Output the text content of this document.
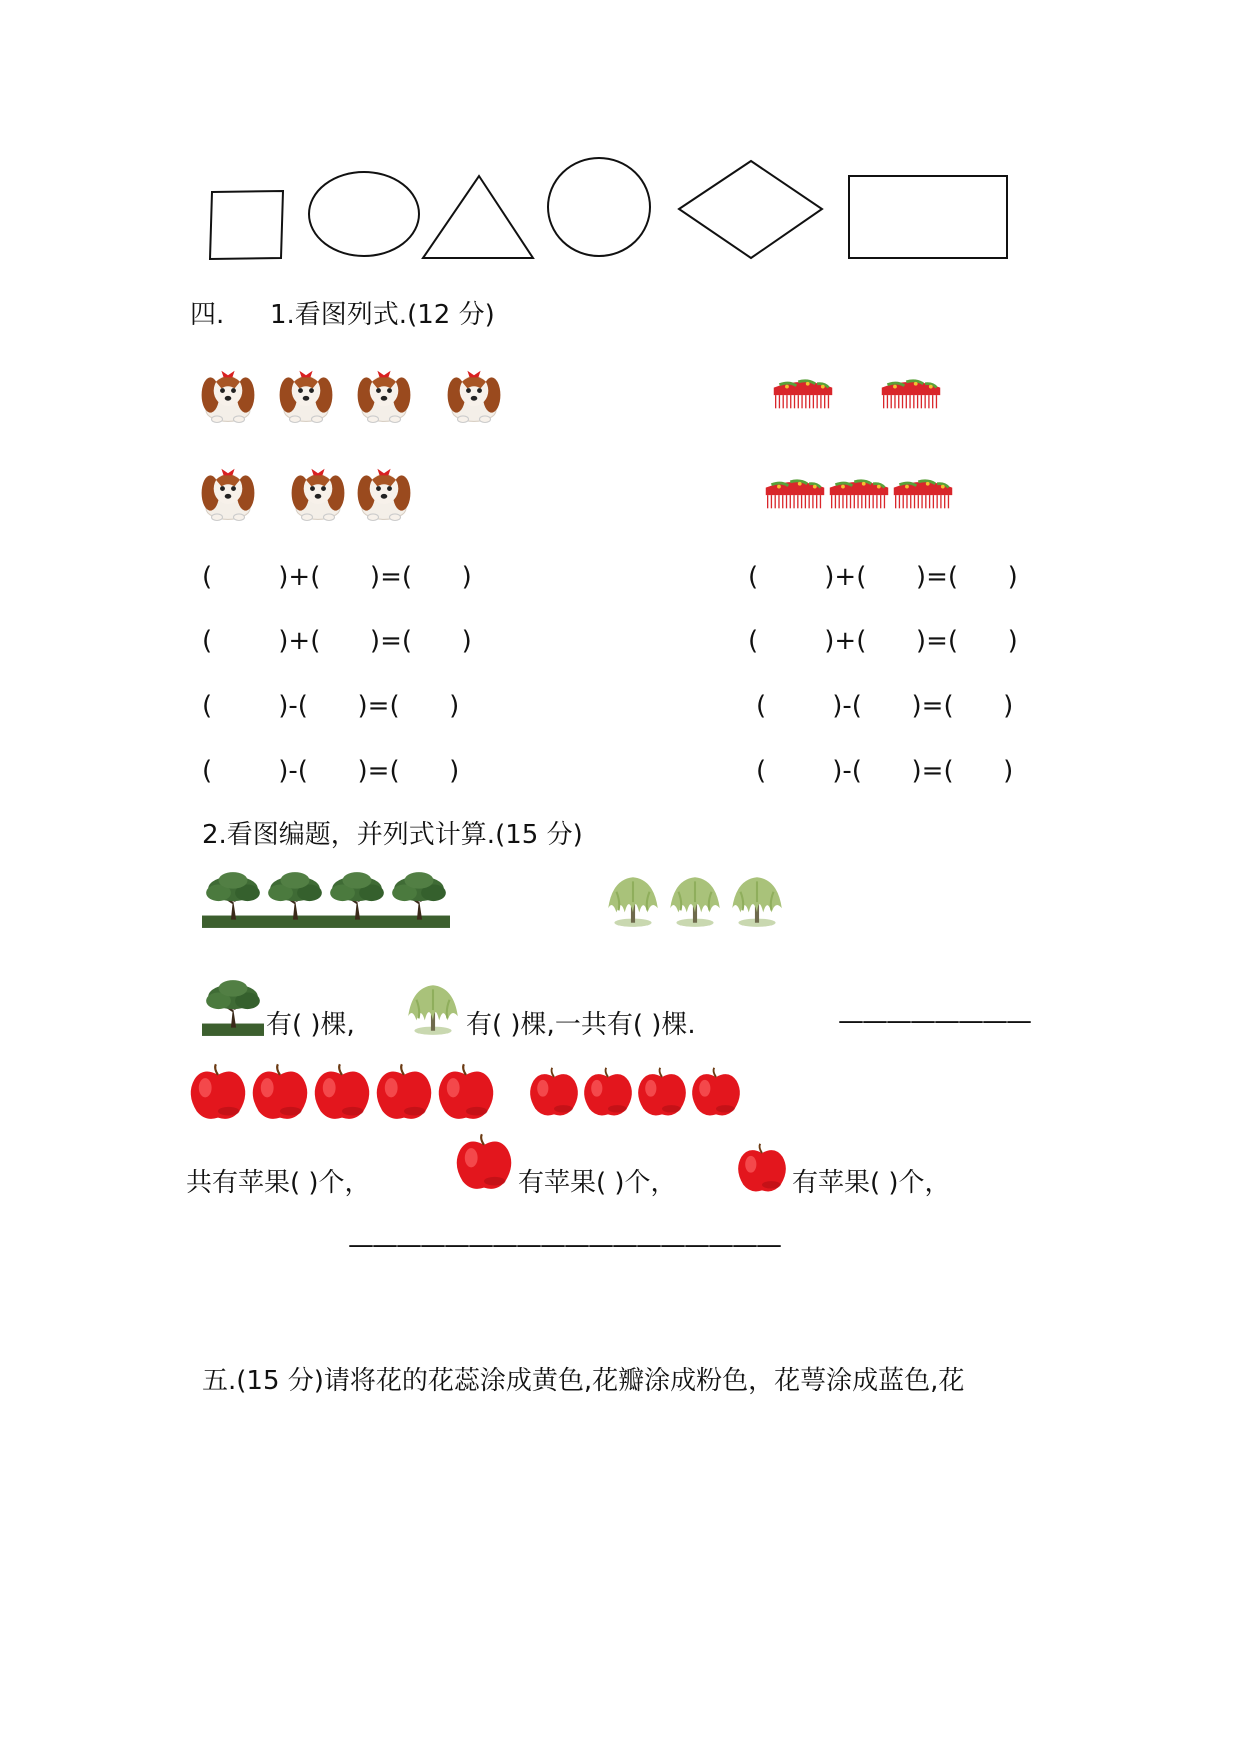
四. 1.看图列式.(12 分)
(        )+(      )=(      )
(        )+(      )=(      )
(        )-(      )=(      )
(        )-(      )=(      )
(        )+(      )=(      )
(        )+(      )=(      )
(        )-(      )=(      )
(        )-(      )=(      )
2.看图编题，并列式计算.(15 分)
有( )棵,	有( )棵,一共有( )棵.	————————
共有苹果( )个，	有苹果( )个，	有苹果( )个，
——————————————————
五.(15 分)请将花的花蕊涂成黄色,花瓣涂成粉色，花萼涂成蓝色,花
